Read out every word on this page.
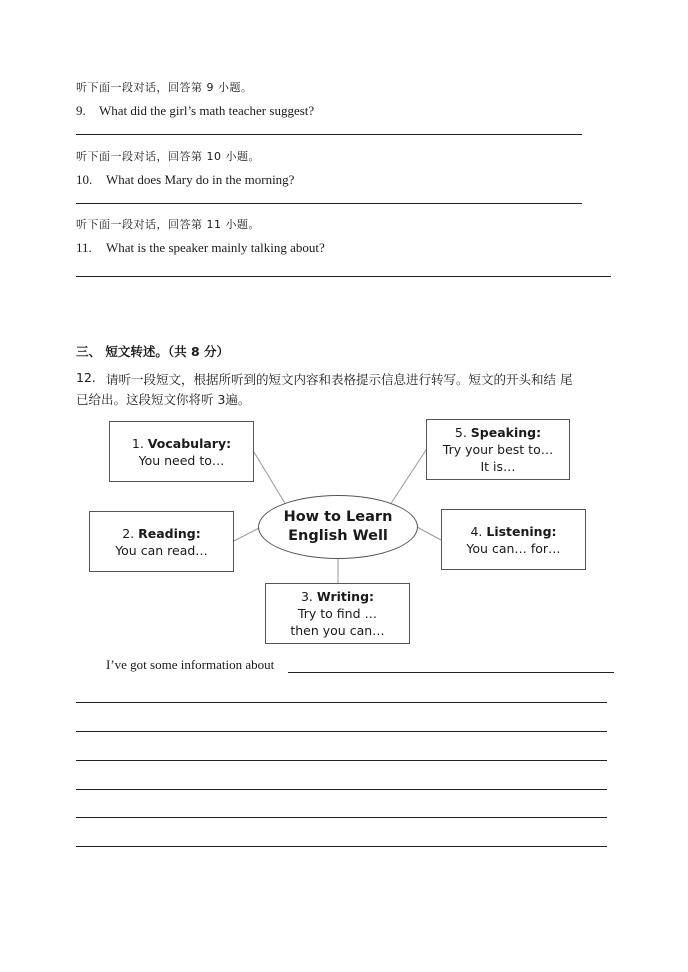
听下面一段对话，回答第 9 小题。
9. What did the girl’s math teacher suggest?
听下面一段对话，回答第 10 小题。
10. What does Mary do in the morning?
听下面一段对话，回答第 11 小题。
11. What is the speaker mainly talking about?
三、 短文转述。（共 8 分）
12. 请听一段短文，根据所听到的短文内容和表格提示信息进行转写。短文的开头和结 尾
已给出。这段短文你将听 3遍。
1. Vocabulary:
You need to…
5. Speaking:
Try your best to…
It is…
How to Learn
English Well
2. Reading:
You can read…
4. Listening:
You can… for…
3. Writing:
Try to find …
then you can…
I’ve got some information about
